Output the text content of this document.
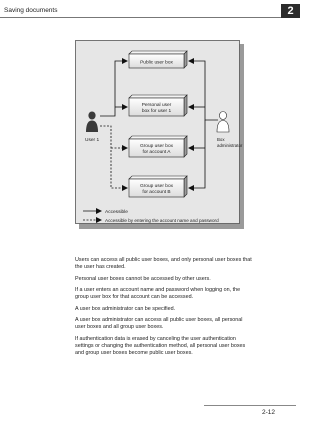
Saving documents	2
Public user box
Personal user
box for user 1
Group user box
for account A
Group user box
for account B
User 1	Box
administrator
Accessible
Accessible by entering the account name and password

Users can access all public user boxes, and only personal user boxes that the user has created.

Personal user boxes cannot be accessed by other users.

If a user enters an account name and password when logging on, the group user box for that account can be accessed.

A user box administrator can be specified.

A user box administrator can access all public user boxes, all personal user boxes and all group user boxes.

If authentication data is erased by canceling the user authentication settings or changing the authentication method, all personal user boxes and group user boxes become public user boxes.

2-12
